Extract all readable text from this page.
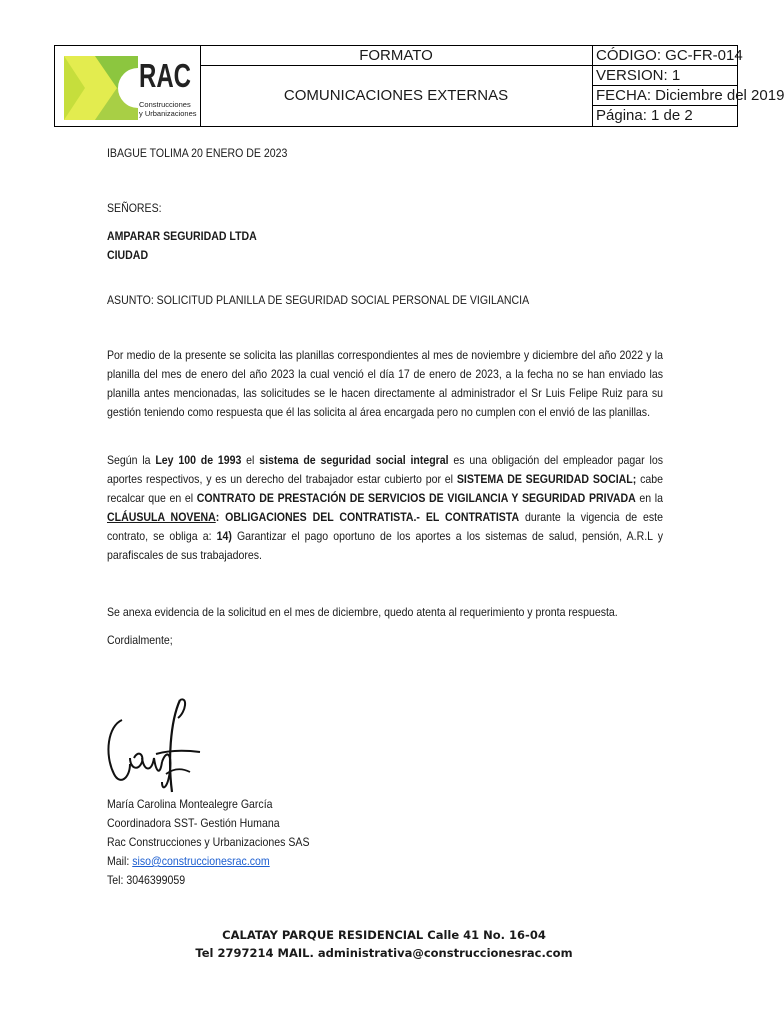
RAC
Construcciones
y Urbanizaciones
FORMATO
COMUNICACIONES EXTERNAS
CÓDIGO: GC-FR-014
VERSION: 1
FECHA: Diciembre del 2019
Página: 1 de 2
IBAGUE TOLIMA 20 ENERO DE 2023
SEÑORES:
AMPARAR SEGURIDAD LTDA
CIUDAD
ASUNTO: SOLICITUD PLANILLA DE SEGURIDAD SOCIAL PERSONAL DE VIGILANCIA
Por medio de la presente se solicita las planillas correspondientes al mes de noviembre y diciembre del año 2022 y la planilla del mes de enero del año 2023 la cual venció el día 17 de enero de 2023, a la fecha no se han enviado las planilla antes mencionadas, las solicitudes se le hacen directamente al administrador el Sr Luis Felipe Ruiz para su gestión teniendo como respuesta que él las solicita al área encargada pero no cumplen con el envió de las planillas.
Según la Ley 100 de 1993 el sistema de seguridad social integral es una obligación del empleador pagar los aportes respectivos, y es un derecho del trabajador estar cubierto por el SISTEMA DE SEGURIDAD SOCIAL; cabe recalcar que en el CONTRATO DE PRESTACIÓN DE SERVICIOS DE VIGILANCIA Y SEGURIDAD PRIVADA en la CLÁUSULA NOVENA: OBLIGACIONES DEL CONTRATISTA.- EL CONTRATISTA durante la vigencia de este contrato, se obliga a: 14) Garantizar el pago oportuno de los aportes a los sistemas de salud, pensión, A.R.L y parafiscales de sus trabajadores.
Se anexa evidencia de la solicitud en el mes de diciembre, quedo atenta al requerimiento y pronta respuesta.
Cordialmente;
María Carolina Montealegre García
Coordinadora SST- Gestión Humana
Rac Construcciones y Urbanizaciones SAS
Mail: siso@construccionesrac.com
Tel: 3046399059
CALATAY PARQUE RESIDENCIAL Calle 41 No. 16-04
Tel 2797214 MAIL. administrativa@construccionesrac.com
